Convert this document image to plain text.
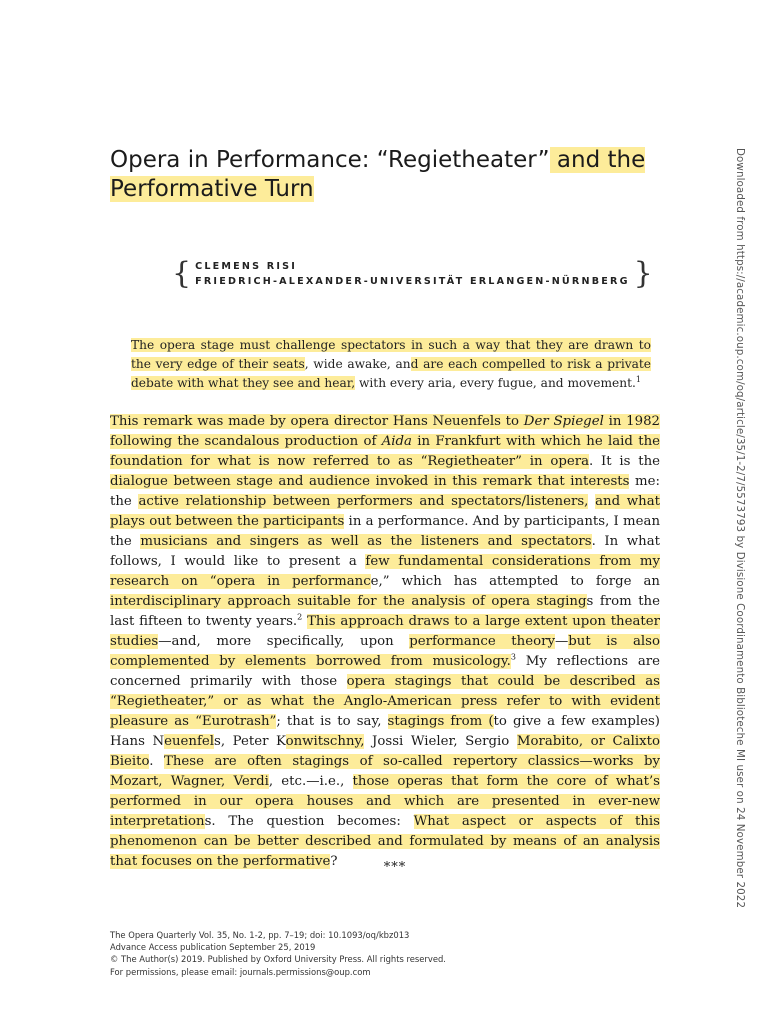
Opera in Performance: “Regietheater” and the
Performative Turn
{ CLEMENS RISI
FRIEDRICH-ALEXANDER-UNIVERSITÄT ERLANGEN-NÜRNBERG }

The opera stage must challenge spectators in such a way that they are drawn to the very edge of their seats, wide awake, and are each compelled to risk a private debate with what they see and hear, with every aria, every fugue, and movement.$^1$

This remark was made by opera director Hans Neuenfels to Der Spiegel in 1982 following the scandalous production of Aida in Frankfurt with which he laid the foundation for what is now referred to as “Regietheater” in opera. It is the dialogue between stage and audience invoked in this remark that interests me: the active relationship between performers and spectators/listeners, and what plays out between the participants in a performance. And by participants, I mean the musicians and singers as well as the listeners and spectators. In what follows, I would like to present a few fundamental considerations from my research on “opera in performance,” which has attempted to forge an interdisciplinary approach suitable for the analysis of opera stagings from the last fifteen to twenty years.$^2$ This approach draws to a large extent upon theater studies—and, more specifically, upon performance theory—but is also complemented by elements borrowed from musicology.$^3$ My reflections are concerned primarily with those opera stagings that could be described as “Regietheater,” or as what the Anglo-American press refer to with evident pleasure as “Eurotrash”; that is to say, stagings from (to give a few examples) Hans Neuenfels, Peter Konwitschny, Jossi Wieler, Sergio Morabito, or Calixto Bieito. These are often stagings of so-called repertory classics—works by Mozart, Wagner, Verdi, etc.—i.e., those operas that form the core of what’s performed in our opera houses and which are presented in ever-new interpretations. The question becomes: What aspect or aspects of this phenomenon can be better described and formulated by means of an analysis that focuses on the performative?	***
The Opera Quarterly Vol. 35, No. 1-2, pp. 7–19; doi: 10.1093/oq/kbz013
Advance Access publication September 25, 2019
© The Author(s) 2019. Published by Oxford University Press. All rights reserved.
For permissions, please email: journals.permissions@oup.com
Downloaded from https://academic.oup.com/oq/article/35/1-2/7/5573793 by Divisione Coordinamento Biblioteche MI user on 24 November 2022
